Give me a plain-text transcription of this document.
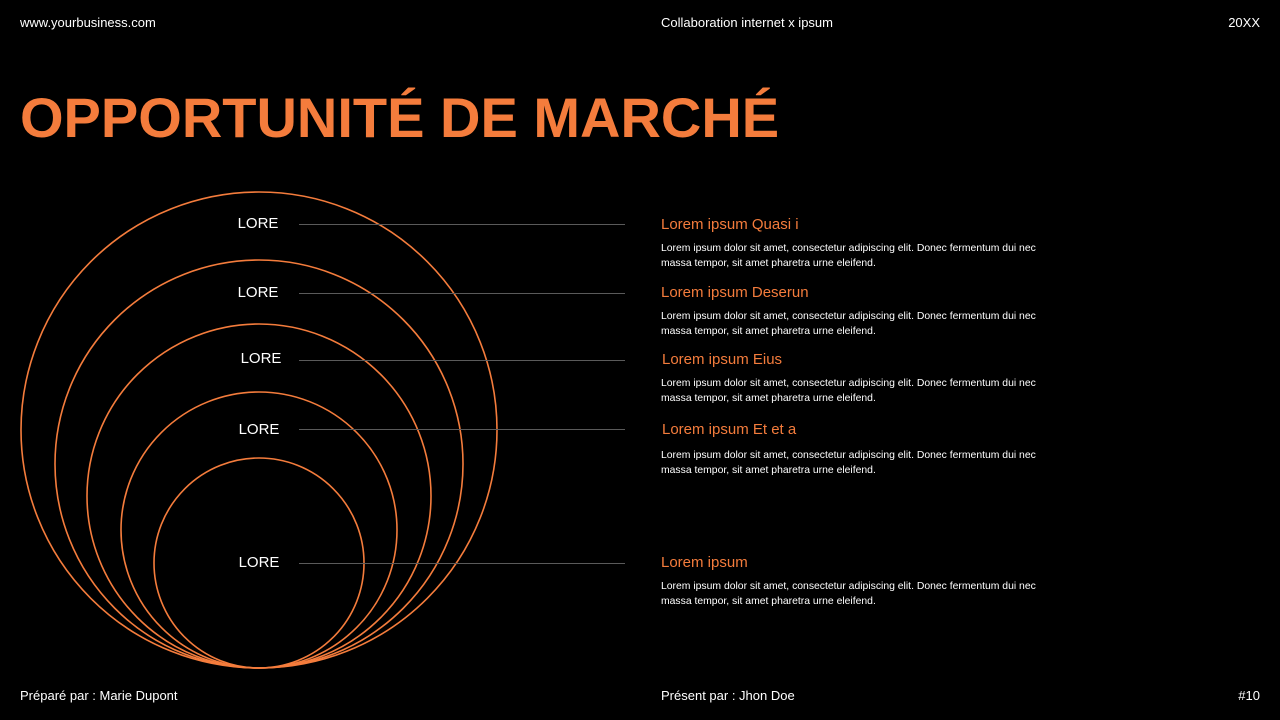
www.yourbusiness.com	Collaboration internet x ipsum	20XX
OPPORTUNITÉ DE MARCHÉ
LORE
LORE
LORE
LORE
LORE

Lorem ipsum Quasi i

Lorem ipsum dolor sit amet, consectetur adipiscing elit. Donec fermentum dui nec massa tempor, sit amet pharetra urne eleifend.

Lorem ipsum Deserun

Lorem ipsum dolor sit amet, consectetur adipiscing elit. Donec fermentum dui nec massa tempor, sit amet pharetra urne eleifend.

Lorem ipsum Eius

Lorem ipsum dolor sit amet, consectetur adipiscing elit. Donec fermentum dui nec massa tempor, sit amet pharetra urne eleifend.

Lorem ipsum Et et a

Lorem ipsum dolor sit amet, consectetur adipiscing elit. Donec fermentum dui nec massa tempor, sit amet pharetra urne eleifend.

Lorem ipsum

Lorem ipsum dolor sit amet, consectetur adipiscing elit. Donec fermentum dui nec massa tempor, sit amet pharetra urne eleifend.

Préparé par : Marie Dupont	Présent par : Jhon Doe	#10
